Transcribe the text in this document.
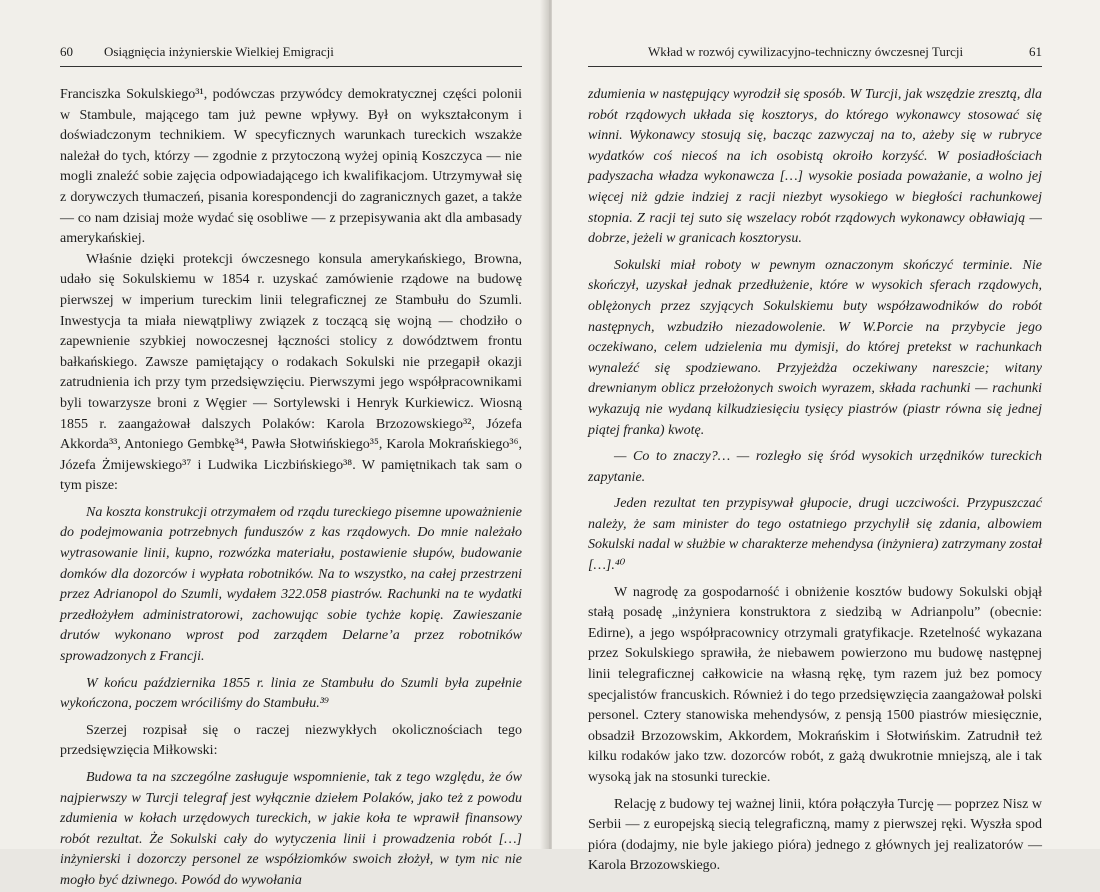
60	Osiągnięcia inżynierskie Wielkiej Emigracji

Franciszka Sokulskiego³¹, podówczas przywódcy demokratycznej części polonii w Stambule, mającego tam już pewne wpływy. Był on wykształconym i doświadczonym technikiem. W specyficznych warunkach tureckich wszakże należał do tych, którzy — zgodnie z przytoczoną wyżej opinią Koszczyca — nie mogli znaleźć sobie zajęcia odpowiadającego ich kwalifikacjom. Utrzymywał się z dorywczych tłumaczeń, pisania korespondencji do zagranicznych gazet, a także — co nam dzisiaj może wydać się osobliwe — z przepisywania akt dla ambasady amerykańskiej.

Właśnie dzięki protekcji ówczesnego konsula amerykańskiego, Browna, udało się Sokulskiemu w 1854 r. uzyskać zamówienie rządowe na budowę pierwszej w imperium tureckim linii telegraficznej ze Stambułu do Szumli. Inwestycja ta miała niewątpliwy związek z toczącą się wojną — chodziło o zapewnienie szybkiej nowoczesnej łączności stolicy z dowództwem frontu bałkańskiego. Zawsze pamiętający o rodakach Sokulski nie przegapił okazji zatrudnienia ich przy tym przedsięwzięciu. Pierwszymi jego współpracownikami byli towarzysze broni z Węgier — Sortylewski i Henryk Kurkiewicz. Wiosną 1855 r. zaangażował dalszych Polaków: Karola Brzozowskiego³², Józefa Akkorda³³, Antoniego Gembkę³⁴, Pawła Słotwińskiego³⁵, Karola Mokrańskiego³⁶, Józefa Żmijewskiego³⁷ i Ludwika Liczbińskiego³⁸. W pamiętnikach tak sam o tym pisze:

Na koszta konstrukcji otrzymałem od rządu tureckiego pisemne upoważnienie do podejmowania potrzebnych funduszów z kas rządowych. Do mnie należało wytrasowanie linii, kupno, rozwózka materiału, postawienie słupów, budowanie domków dla dozorców i wypłata robotników. Na to wszystko, na całej przestrzeni przez Adrianopol do Szumli, wydałem 322.058 piastrów. Rachunki na te wydatki przedłożyłem administratorowi, zachowując sobie tychże kopię. Zawieszanie drutów wykonano wprost pod zarządem Delarne’a przez robotników sprowadzonych z Francji.

W końcu października 1855 r. linia ze Stambułu do Szumli była zupełnie wykończona, poczem wróciliśmy do Stambułu.³⁹

Szerzej rozpisał się o raczej niezwykłych okolicznościach tego przedsięwzięcia Miłkowski:

Budowa ta na szczególne zasługuje wspomnienie, tak z tego względu, że ów najpierwszy w Turcji telegraf jest wyłącznie dziełem Polaków, jako też z powodu zdumienia w kołach urzędowych tureckich, w jakie koła te wprawił finansowy robót rezultat. Że Sokulski cały do wytyczenia linii i prowadzenia robót […] inżynierski i dozorczy personel ze współziomków swoich złożył, w tym nic nie mogło być dziwnego. Powód do wywołania

Wkład w rozwój cywilizacyjno-techniczny ówczesnej Turcji	61

zdumienia w następujący wyrodził się sposób. W Turcji, jak wszędzie zresztą, dla robót rządowych układa się kosztorys, do którego wykonawcy stosować się winni. Wykonawcy stosują się, bacząc zazwyczaj na to, ażeby się w rubryce wydatków coś niecoś na ich osobistą okroiło korzyść. W posiadłościach padyszacha władza wykonawcza […] wysokie posiada poważanie, a wolno jej więcej niż gdzie indziej z racji niezbyt wysokiego w biegłości rachunkowej stopnia. Z racji tej suto się wszelacy robót rządowych wykonawcy obławiają — dobrze, jeżeli w granicach kosztorysu.

Sokulski miał roboty w pewnym oznaczonym skończyć terminie. Nie skończył, uzyskał jednak przedłużenie, które w wysokich sferach rządowych, oblężonych przez szyjących Sokulskiemu buty współzawodników do robót następnych, wzbudziło niezadowolenie. W W.Porcie na przybycie jego oczekiwano, celem udzielenia mu dymisji, do której pretekst w rachunkach wynaleźć się spodziewano. Przyjeżdża oczekiwany nareszcie; witany drewnianym oblicz przełożonych swoich wyrazem, składa rachunki — rachunki wykazują nie wydaną kilkudziesięciu tysięcy piastrów (piastr równa się jednej piątej franka) kwotę.

— Co to znaczy?… — rozległo się śród wysokich urzędników tureckich zapytanie.

Jeden rezultat ten przypisywał głupocie, drugi uczciwości. Przypuszczać należy, że sam minister do tego ostatniego przychylił się zdania, albowiem Sokulski nadal w służbie w charakterze mehendysa (inżyniera) zatrzymany został […].⁴⁰

W nagrodę za gospodarność i obniżenie kosztów budowy Sokulski objął stałą posadę „inżyniera konstruktora z siedzibą w Adrianpolu” (obecnie: Edirne), a jego współpracownicy otrzymali gratyfikacje. Rzetelność wykazana przez Sokulskiego sprawiła, że niebawem powierzono mu budowę następnej linii telegraficznej całkowicie na własną rękę, tym razem już bez pomocy specjalistów francuskich. Również i do tego przedsięwzięcia zaangażował polski personel. Cztery stanowiska mehendysów, z pensją 1500 piastrów miesięcznie, obsadził Brzozowskim, Akkordem, Mokrańskim i Słotwińskim. Zatrudnił też kilku rodaków jako tzw. dozorców robót, z gażą dwukrotnie mniejszą, ale i tak wysoką jak na stosunki tureckie.

Relację z budowy tej ważnej linii, która połączyła Turcję — poprzez Nisz w Serbii — z europejską siecią telegraficzną, mamy z pierwszej ręki. Wyszła spod pióra (dodajmy, nie byle jakiego pióra) jednego z głównych jej realizatorów — Karola Brzozowskiego.
